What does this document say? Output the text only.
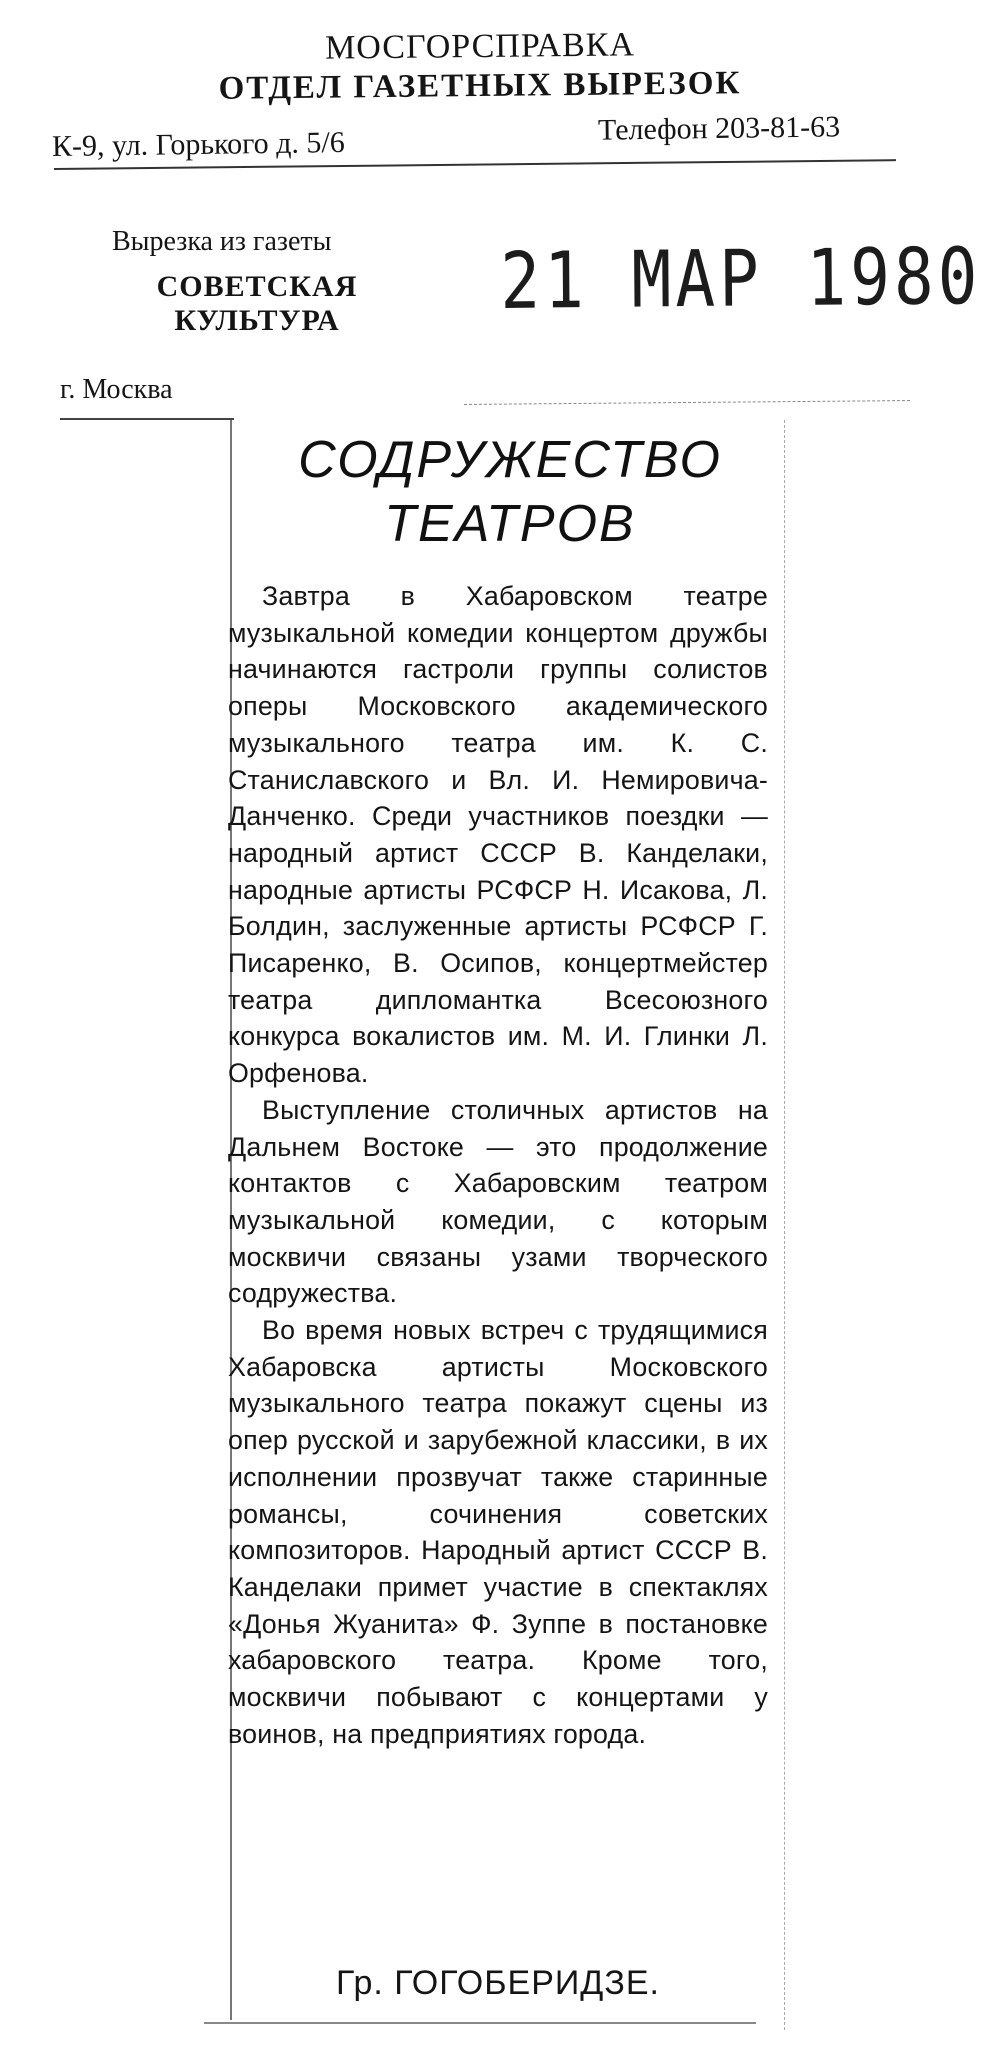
МОСГОРСПРАВКА
ОТДЕЛ ГАЗЕТНЫХ ВЫРЕЗОК
К-9, ул. Горького д. 5/6	Телефон 203-81-63
Вырезка из газеты
СОВЕТСКАЯ КУЛЬТУРА	21 МАР 1980
г. Москва
СОДРУЖЕСТВО ТЕАТРОВ

Завтра в Хабаровском театре музыкальной комедии концертом дружбы начинаются гастроли группы солистов оперы Московского академического музыкального театра им. К. С. Станиславского и Вл. И. Немировича-Данченко. Среди участников поездки — народный артист СССР В. Канделаки, народные артисты РСФСР Н. Исакова, Л. Болдин, заслуженные артисты РСФСР Г. Писаренко, В. Осипов, концертмейстер театра дипломантка Всесоюзного конкурса вокалистов им. М. И. Глинки Л. Орфенова.

Выступление столичных артистов на Дальнем Востоке — это продолжение контактов с Хабаровским театром музыкальной комедии, с которым москвичи связаны узами творческого содружества.

Во время новых встреч с трудящимися Хабаровска артисты Московского музыкального театра покажут сцены из опер русской и зарубежной классики, в их исполнении прозвучат также старинные романсы, сочинения советских композиторов. Народный артист СССР В. Канделаки примет участие в спектаклях «Донья Жуанита» Ф. Зуппе в постановке хабаровского театра. Кроме того, москвичи побывают с концертами у воинов, на предприятиях города.

Гр. ГОГОБЕРИДЗЕ.
